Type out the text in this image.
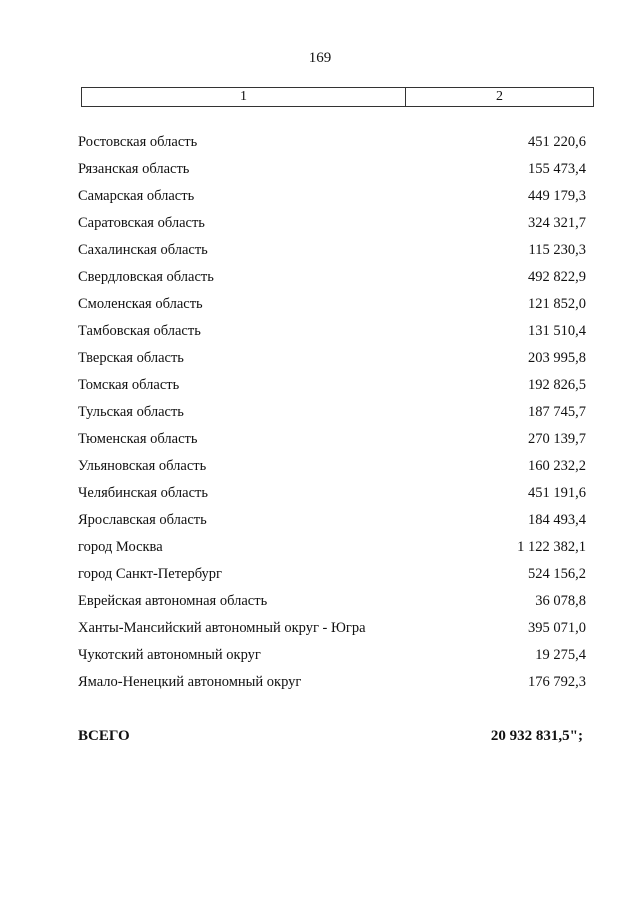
169
1	2
Ростовская область	451 220,6
Рязанская область	155 473,4
Самарская область	449 179,3
Саратовская область	324 321,7
Сахалинская область	115 230,3
Свердловская область	492 822,9
Смоленская область	121 852,0
Тамбовская область	131 510,4
Тверская область	203 995,8
Томская область	192 826,5
Тульская область	187 745,7
Тюменская область	270 139,7
Ульяновская область	160 232,2
Челябинская область	451 191,6
Ярославская область	184 493,4
город Москва	1 122 382,1
город Санкт-Петербург	524 156,2
Еврейская автономная область	36 078,8
Ханты-Мансийский автономный округ - Югра	395 071,0
Чукотский автономный округ	19 275,4
Ямало-Ненецкий автономный округ	176 792,3
ВСЕГО	20 932 831,5";
